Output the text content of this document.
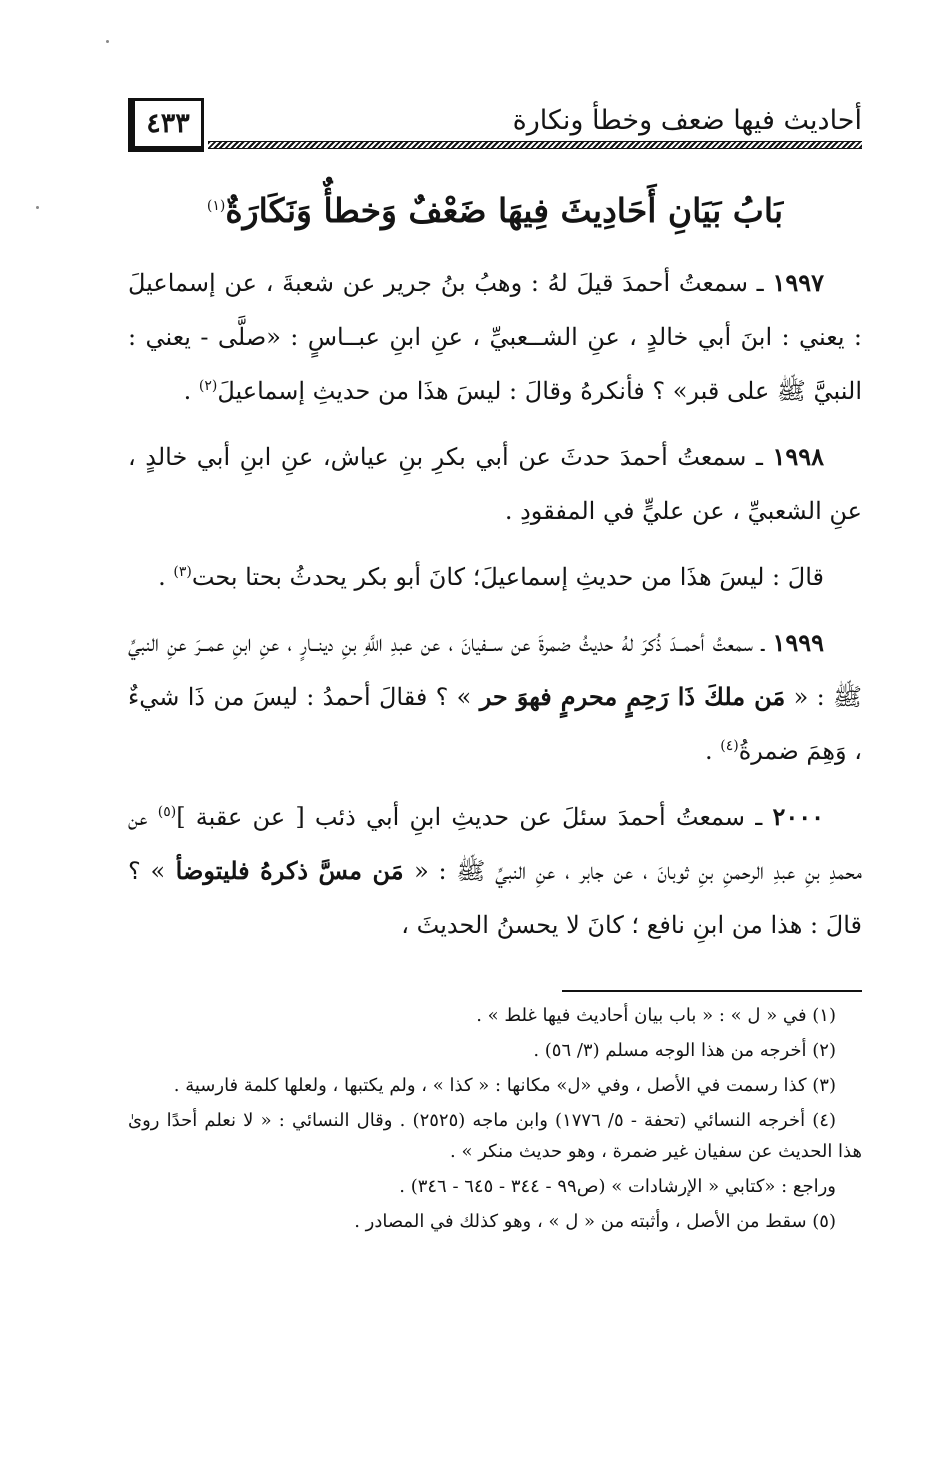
أحاديث فيها ضعف وخطأ ونكارة
٤٣٣
بَابُ بَيَانِ أَحَادِيثَ فِيهَا ضَعْفٌ وَخطأٌ وَنَكَارَةٌ$^{(١)}$

١٩٩٧ ـ سمعتُ أحمدَ قيلَ لهُ : وهبُ بنُ جرير عن شعبةَ ، عن إسماعيلَ : يعني : ابنَ أبي خالدٍ ، عنِ الشــعبيِّ ، عنِ ابنِ عبــاسٍ : «صلَّى - يعني : النبيَّ ﷺ على قبر» ؟ فأنكرهُ وقالَ : ليسَ هذَا من حديثِ إسماعيلَ$^{(٢)}$ .

١٩٩٨ ـ سمعتُ أحمدَ حدثَ عن أبي بكرِ بنِ عياش، عنِ ابنِ أبي خالدٍ ، عنِ الشعبيِّ ، عن عليٍّ في المفقودِ .

قالَ : ليسَ هذَا من حديثِ إسماعيلَ؛ كانَ أبو بكر يحدثُ بحتا بحت$^{(٣)}$ .

١٩٩٩ ـ سمعتُ أحمــدَ ذُكرَ لهُ حديثُ ضمرةَ عن ســفيانَ ، عن عبدِ اللَّهِ بنِ دينــارٍ ، عنِ ابنِ عمــرَ عنِ النبيِّ ﷺ : « مَن ملكَ ذَا رَحِمٍ محرمٍ فهوَ حر » ؟ فقالَ أحمدُ : ليسَ من ذَا شيءٌ ، وَهِمَ ضمرةُ$^{(٤)}$ .

٢٠٠٠ ـ سمعتُ أحمدَ سئلَ عن حديثِ ابنِ أبي ذئب [ عن عقبة ]$^{(٥)}$ عن محمدِ بنِ عبدِ الرحمنِ بنِ ثوبانَ ، عن جابر ، عنِ النبيِّ ﷺ : « مَن مسَّ ذكرهُ فليتوضأ » ؟ قالَ : هذا من ابنِ نافع ؛ كانَ لا يحسنُ الحديثَ ،

(١) في « ل » : « باب بيان أحاديث فيها غلط » .

(٢) أخرجه من هذا الوجه مسلم (٣/ ٥٦) .

(٣) كذا رسمت في الأصل ، وفي «ل» مكانها : « كذا » ، ولم يكتبها ، ولعلها كلمة فارسية .

(٤) أخرجه النسائي (تحفة - ٥/ ١٧٧٦) وابن ماجه (٢٥٢٥) . وقال النسائي : « لا نعلم أحدًا روىٰ هذا الحديث عن سفيان غير ضمرة ، وهو حديث منكر » .

وراجع : «كتابي « الإرشادات » (ص٩٩ - ٣٤٤ - ٦٤٥ - ٣٤٦) .

(٥) سقط من الأصل ، وأثبته من « ل » ، وهو كذلك في المصادر .
